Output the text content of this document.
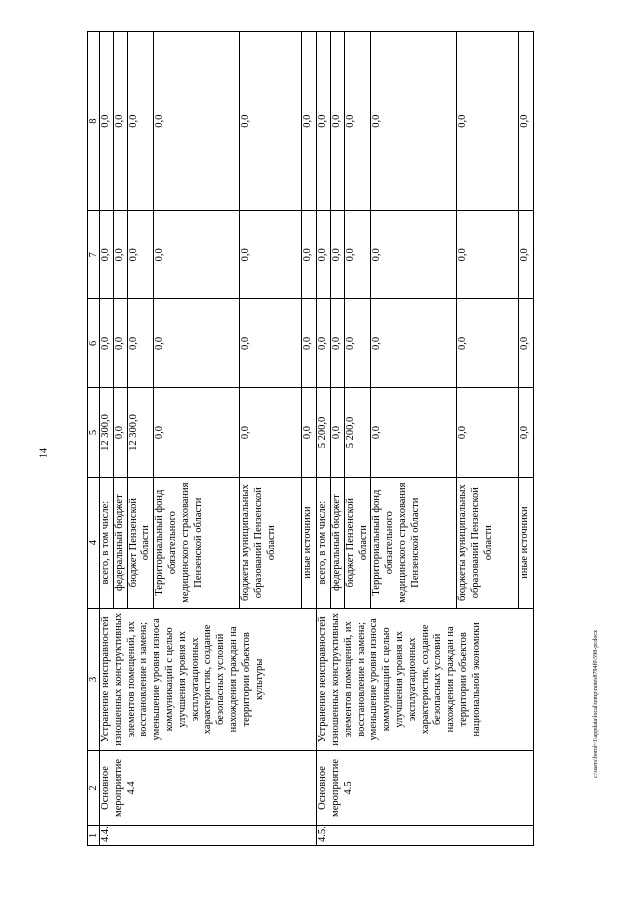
14
c:\users\borol~1\appdata\local\temp\notes8794f0\598-pr.docx
1	2	3	4	5	6	7	8
4.4.	Основное мероприятие 4.4	Устранение неисправностей изношенных конструктивных элементов помещений, их восстановление и замена; уменьшение уровня износа коммуникаций с целью улучшения уровня их эксплуатационных характеристик, создание безопасных условий нахождения граждан на территории объектов культуры	всего, в том числе:	12 300,0	0,0	0,0	0,0
			федеральный бюджет	0,0	0,0	0,0	0,0
			бюджет Пензенской области	12 300,0	0,0	0,0	0,0
			Территориальный фонд обязательного медицинского страхования Пензенской области	0,0	0,0	0,0	0,0
			бюджеты муниципальных образований Пензенской области	0,0	0,0	0,0	0,0
			иные источники	0,0	0,0	0,0	0,0
4.5.	Основное мероприятие 4.5	Устранение неисправностей изношенных конструктивных элементов помещений, их восстановление и замена; уменьшение уровня износа коммуникаций с целью улучшения уровня их эксплуатационных характеристик, создание безопасных условий нахождения граждан на территории объектов национальной экономики	всего, в том числе:	5 200,0	0,0	0,0	0,0
			федеральный бюджет	0,0	0,0	0,0	0,0
			бюджет Пензенской области	5 200,0	0,0	0,0	0,0
			Территориальный фонд обязательного медицинского страхования Пензенской области	0,0	0,0	0,0	0,0
			бюджеты муниципальных образований Пензенской области	0,0	0,0	0,0	0,0
			иные источники	0,0	0,0	0,0	0,0
